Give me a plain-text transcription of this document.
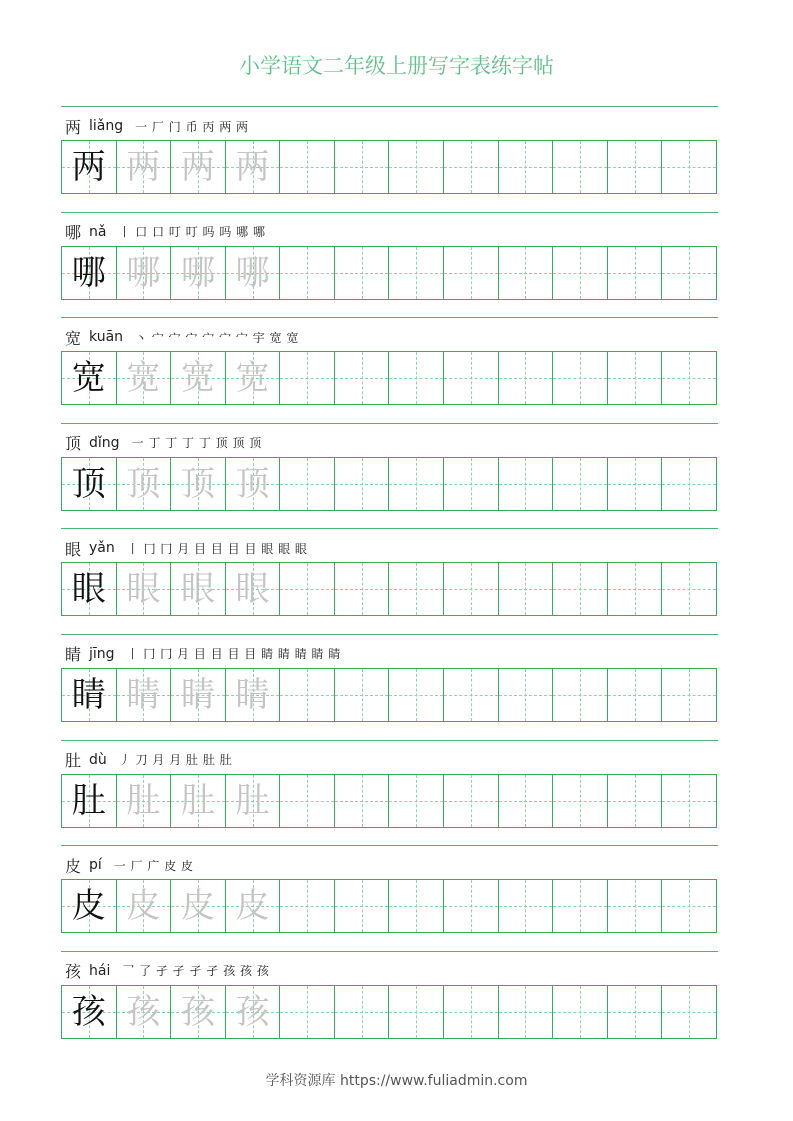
小学语文二年级上册写字表练字帖
两 liǎng 一 厂 门 币 丙 两 两
两 两 两 两
哪 nǎ 丨 口 口 叮 叮 吗 吗 哪 哪
哪 哪 哪 哪
宽 kuān 丶 宀 宀 宀 宀 宀 宀 宇 宽 宽
宽 宽 宽 宽
顶 dǐng 一 丁 丁 丁 丁 顶 顶 顶
顶 顶 顶 顶
眼 yǎn 丨 冂 冂 月 目 目 目 目 眼 眼 眼
眼 眼 眼 眼
睛 jīng 丨 冂 冂 月 目 目 目 目 睛 睛 睛 睛 睛
睛 睛 睛 睛
肚 dù 丿 刀 月 月 肚 肚 肚
肚 肚 肚 肚
皮 pí 一 厂 广 皮 皮
皮 皮 皮 皮
孩 hái 乛 了 孑 孑 孑 孑 孩 孩 孩
孩 孩 孩 孩
学科资源库 https://www.fuliadmin.com
